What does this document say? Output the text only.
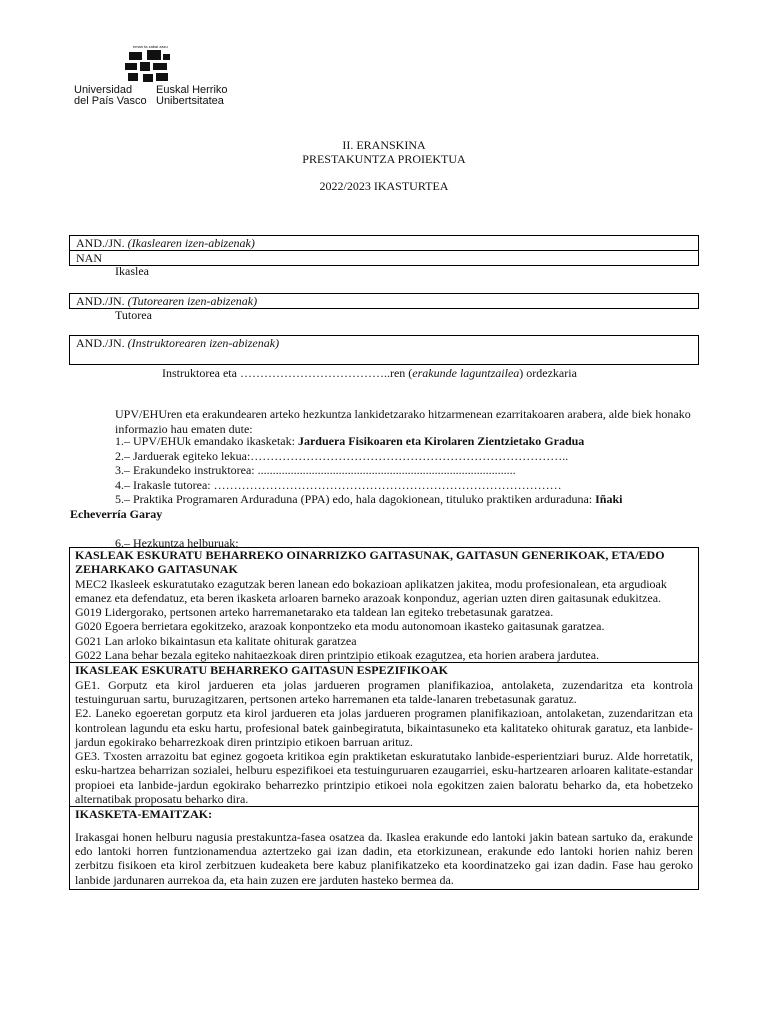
eman ta zabal zazu
Universidad
del País Vasco
Euskal Herriko
Unibertsitatea
II. ERANSKINA
PRESTAKUNTZA PROIEKTUA
2022/2023 IKASTURTEA
AND./JN. (Ikaslearen izen-abizenak)
NAN
Ikaslea
AND./JN. (Tutorearen izen-abizenak)
Tutorea
AND./JN. (Instruktorearen izen-abizenak)
Instruktorea eta ………………………………..ren (erakunde laguntzailea) ordezkaria
UPV/EHUren eta erakundearen arteko hezkuntza lankidetzarako hitzarmenean ezarritakoaren arabera, alde biek honako informazio hau ematen dute:
1.– UPV/EHUk emandako ikasketak: Jarduera Fisikoaren eta Kirolaren Zientzietako Gradua
2.– Jarduerak egiteko lekua:……………………………………………………………………..
3.– Erakundeko instruktorea: ......................................................................................
4.– Irakasle tutorea: ……………………………………………………………………………
5.– Praktika Programaren Arduraduna (PPA) edo, hala dagokionean, tituluko praktiken arduraduna: Iñaki
Echeverría Garay
6.– Hezkuntza helburuak:
KASLEAK ESKURATU BEHARREKO OINARRIZKO GAITASUNAK, GAITASUN GENERIKOAK, ETA/EDO ZEHARKAKO GAITASUNAK
MEC2 Ikasleek eskuratutako ezagutzak beren lanean edo bokazioan aplikatzen jakitea, modu profesionalean, eta argudioak emanez eta defendatuz, eta beren ikasketa arloaren barneko arazoak konponduz, agerian uzten diren gaitasunak edukitzea.
G019 Lidergorako, pertsonen arteko harremanetarako eta taldean lan egiteko trebetasunak garatzea.
G020 Egoera berrietara egokitzeko, arazoak konpontzeko eta modu autonomoan ikasteko gaitasunak garatzea.
G021 Lan arloko bikaintasun eta kalitate ohiturak garatzea
G022 Lana behar bezala egiteko nahitaezkoak diren printzipio etikoak ezagutzea, eta horien arabera jardutea.
IKASLEAK ESKURATU BEHARREKO GAITASUN ESPEZIFIKOAK
GE1. Gorputz eta kirol jardueren eta jolas jardueren programen planifikazioa, antolaketa, zuzendaritza eta kontrola testuinguruan sartu, buruzagitzaren, pertsonen arteko harremanen eta talde-lanaren trebetasunak garatuz.
E2. Laneko egoeretan gorputz eta kirol jardueren eta jolas jardueren programen planifikazioan, antolaketan, zuzendaritzan eta kontrolean lagundu eta esku hartu, profesional batek gainbegiratuta, bikaintasuneko eta kalitateko ohiturak garatuz, eta lanbide-jardun egokirako beharrezkoak diren printzipio etikoen barruan arituz.
GE3. Txosten arrazoitu bat eginez gogoeta kritikoa egin praktiketan eskuratutako lanbide-esperientziari buruz. Alde horretatik, esku-hartzea beharrizan sozialei, helburu espezifikoei eta testuinguruaren ezaugarriei, esku-hartzearen arloaren kalitate-estandar propioei eta lanbide-jardun egokirako beharrezko printzipio etikoei nola egokitzen zaien baloratu beharko da, eta hobetzeko alternatibak proposatu beharko dira.
IKASKETA-EMAITZAK:
Irakasgai honen helburu nagusia prestakuntza-fasea osatzea da. Ikaslea erakunde edo lantoki jakin batean sartuko da, erakunde edo lantoki horren funtzionamendua aztertzeko gai izan dadin, eta etorkizunean, erakunde edo lantoki horien nahiz beren zerbitzu fisikoen eta kirol zerbitzuen kudeaketa bere kabuz planifikatzeko eta koordinatzeko gai izan dadin. Fase hau geroko lanbide jardunaren aurrekoa da, eta hain zuzen ere jarduten hasteko bermea da.
